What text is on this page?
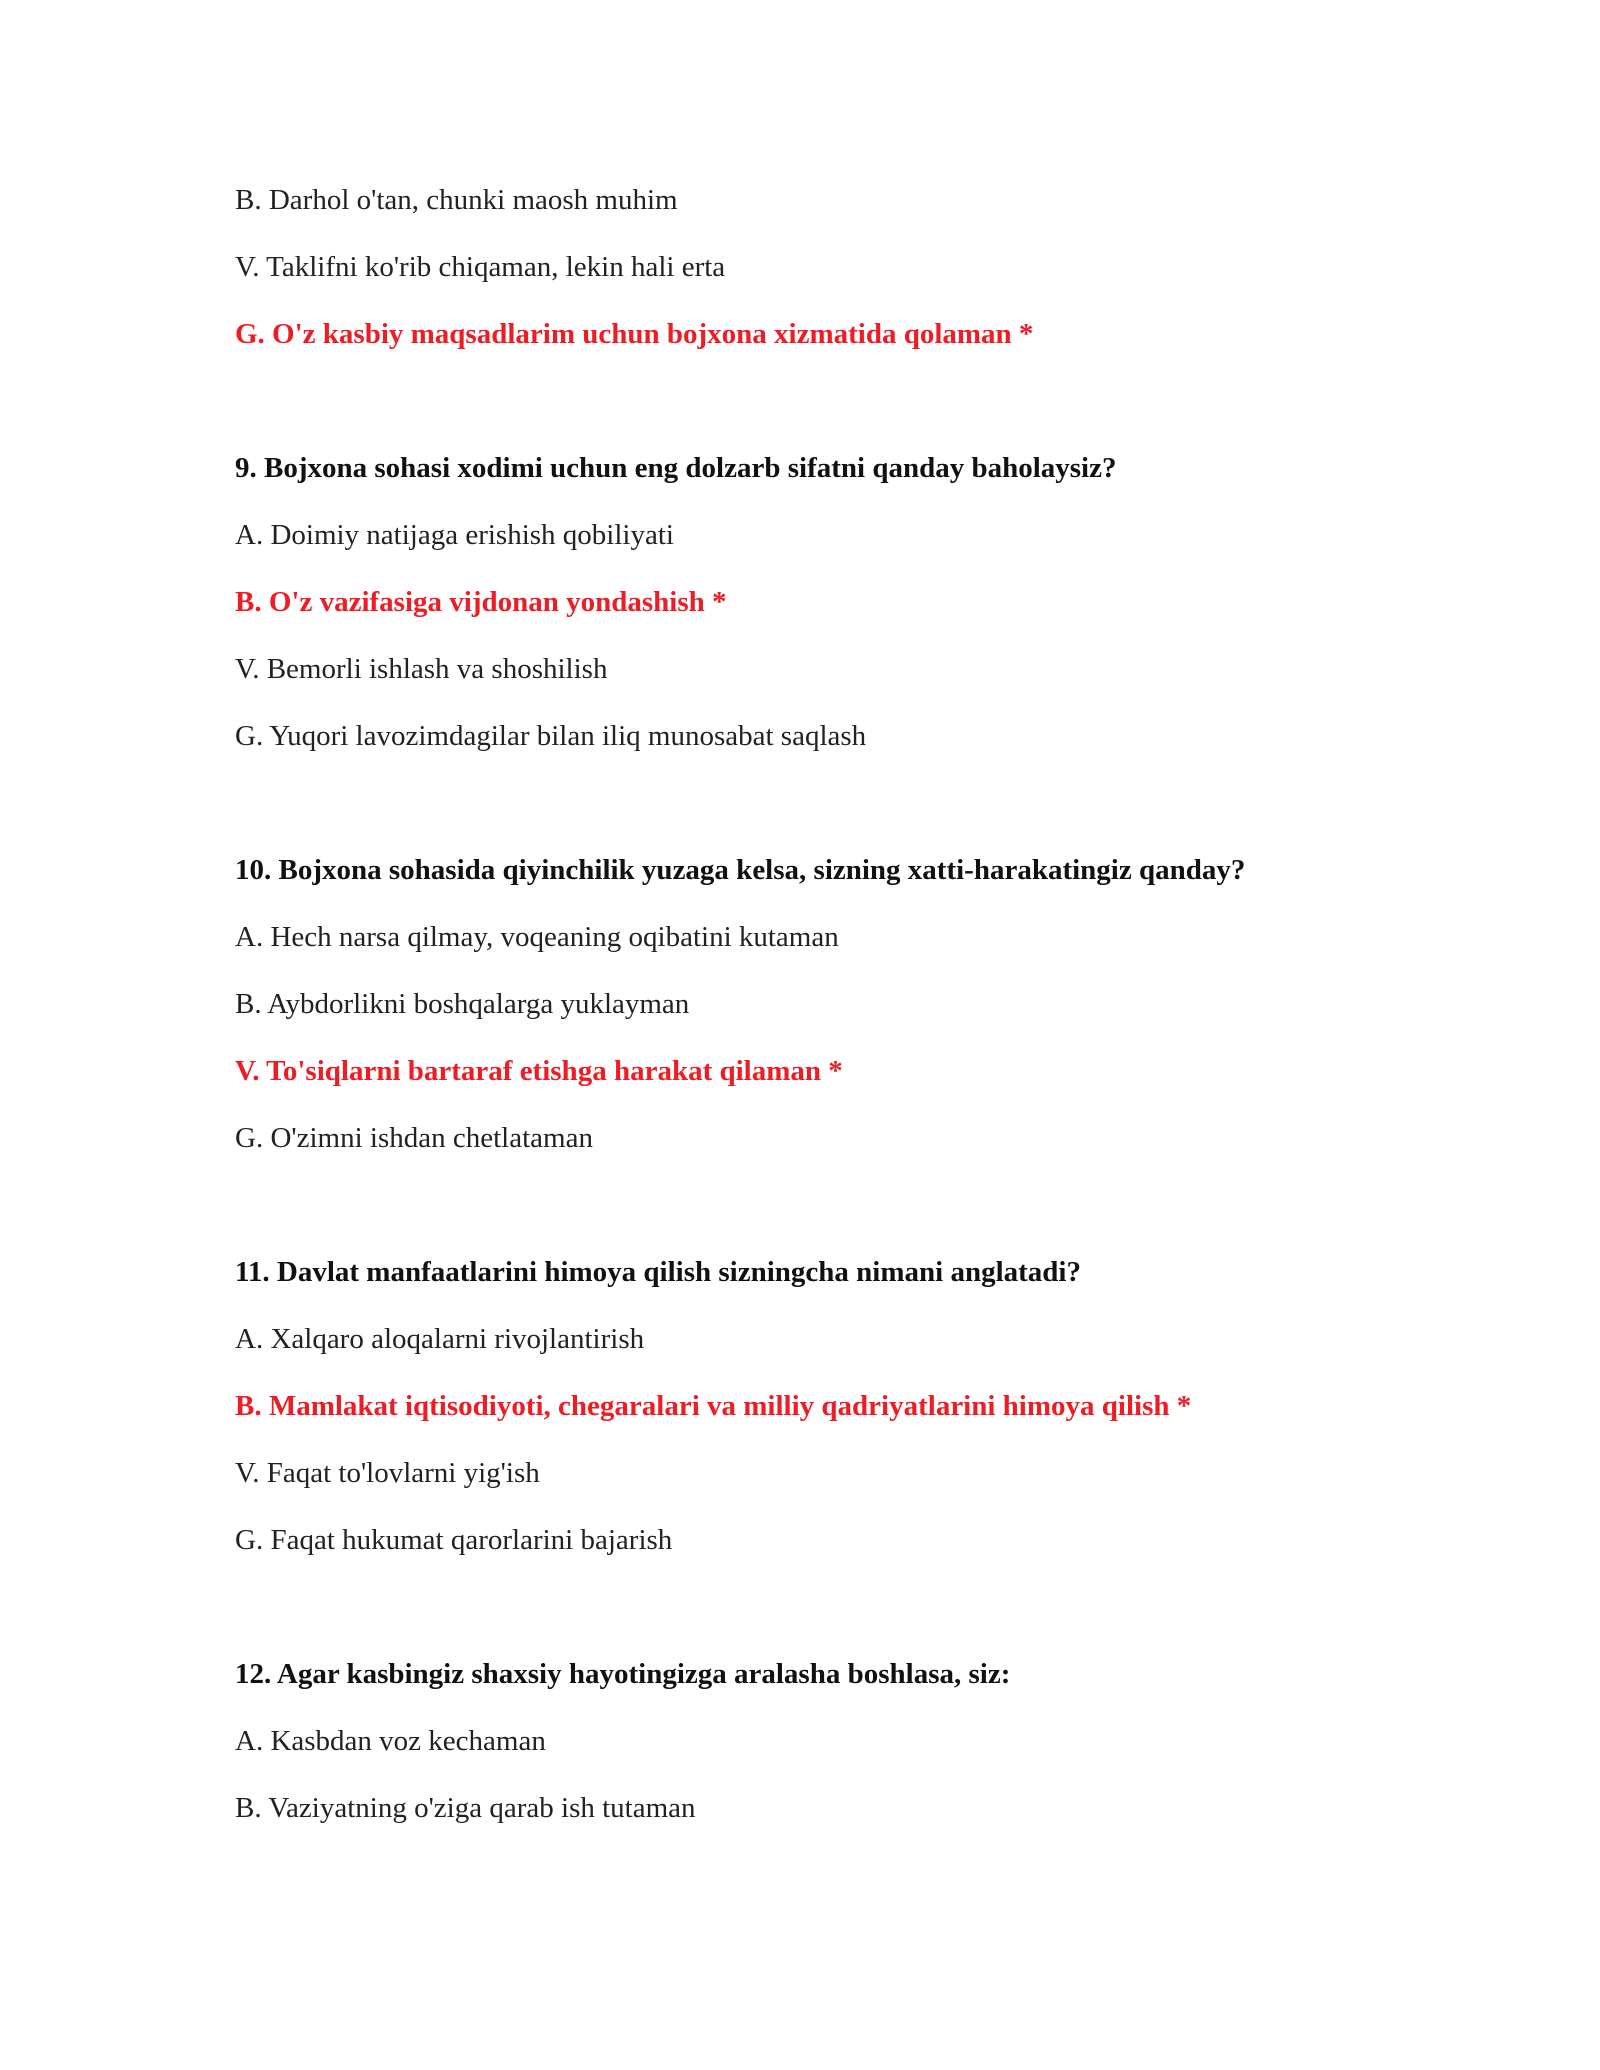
B. Darhol o'tan, chunki maosh muhim
V. Taklifni ko'rib chiqaman, lekin hali erta
G. O'z kasbiy maqsadlarim uchun bojxona xizmatida qolaman *
9. Bojxona sohasi xodimi uchun eng dolzarb sifatni qanday baholaysiz?
A. Doimiy natijaga erishish qobiliyati
B. O'z vazifasiga vijdonan yondashish *
V. Bemorli ishlash va shoshilish
G. Yuqori lavozimdagilar bilan iliq munosabat saqlash
10. Bojxona sohasida qiyinchilik yuzaga kelsa, sizning xatti-harakatingiz qanday?
A. Hech narsa qilmay, voqeaning oqibatini kutaman
B. Aybdorlikni boshqalarga yuklayman
V. To'siqlarni bartaraf etishga harakat qilaman *
G. O'zimni ishdan chetlataman
11. Davlat manfaatlarini himoya qilish sizningcha nimani anglatadi?
A. Xalqaro aloqalarni rivojlantirish
B. Mamlakat iqtisodiyoti, chegaralari va milliy qadriyatlarini himoya qilish *
V. Faqat to'lovlarni yig'ish
G. Faqat hukumat qarorlarini bajarish
12. Agar kasbingiz shaxsiy hayotingizga aralasha boshlasa, siz:
A. Kasbdan voz kechaman
B. Vaziyatning o'ziga qarab ish tutaman
